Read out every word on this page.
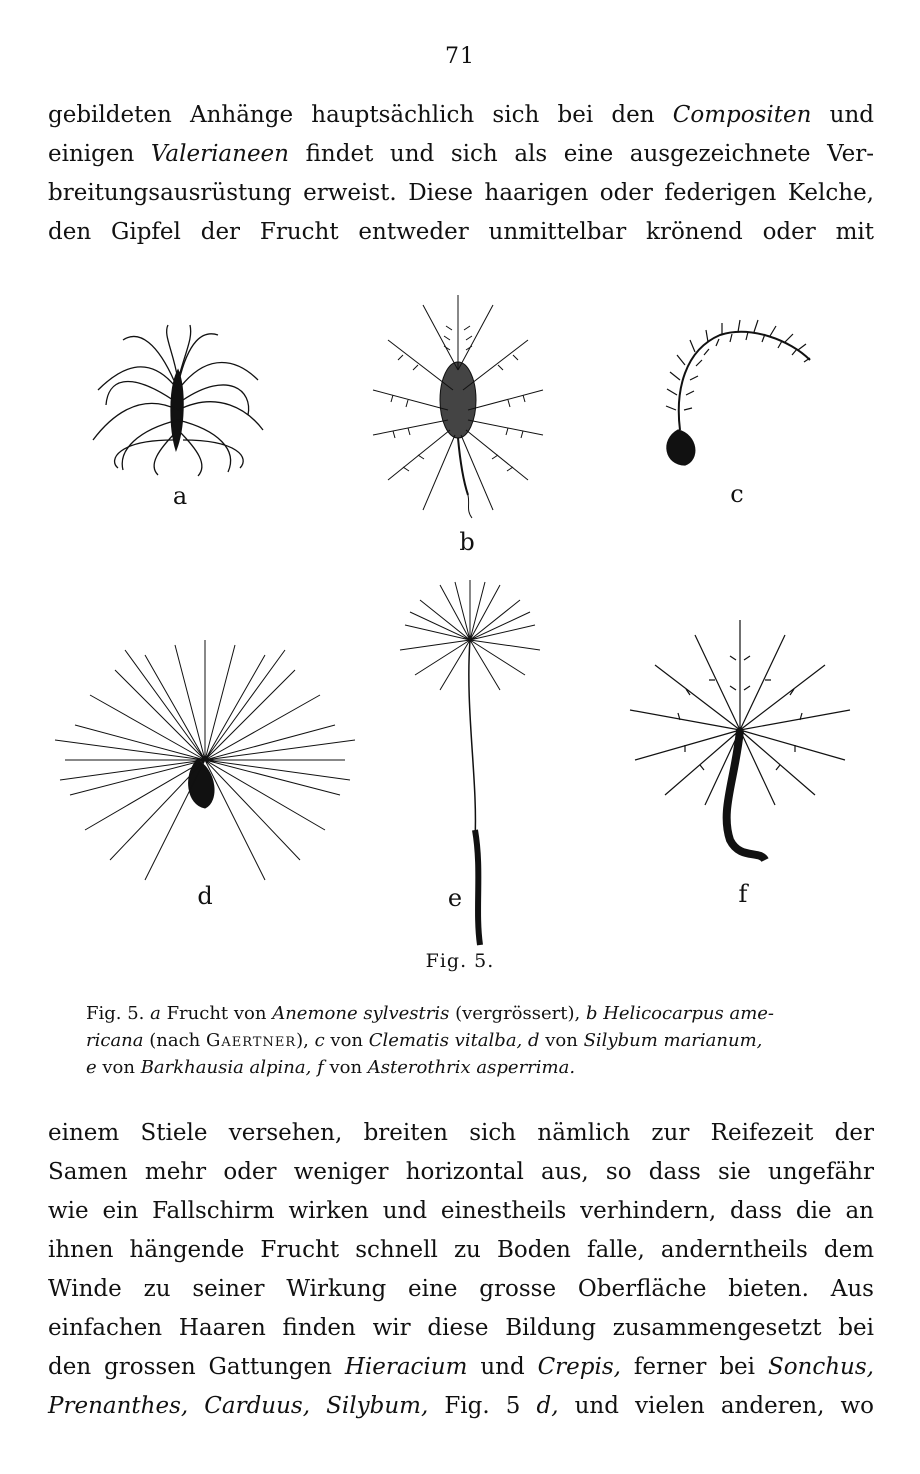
71
gebildeten Anhänge hauptsächlich sich bei den Compositen und
einigen Valerianeen findet und sich als eine ausgezeichnete Ver-
breitungsausrüstung erweist. Diese haarigen oder federigen Kelche,
den Gipfel der Frucht entweder unmittelbar krönend oder mit
a
b
c
d	e	f
Fig. 5.
Fig. 5. a Frucht von Anemone sylvestris (vergrössert), b Helicocarpus ame-
ricana (nach Gaertner), c von Clematis vitalba, d von Silybum marianum,
e von Barkhausia alpina, f von Asterothrix asperrima.
einem Stiele versehen, breiten sich nämlich zur Reifezeit der
Samen mehr oder weniger horizontal aus, so dass sie ungefähr
wie ein Fallschirm wirken und einestheils verhindern, dass die an
ihnen hängende Frucht schnell zu Boden falle, anderntheils dem
Winde zu seiner Wirkung eine grosse Oberfläche bieten. Aus
einfachen Haaren finden wir diese Bildung zusammengesetzt bei
den grossen Gattungen Hieracium und Crepis, ferner bei Sonchus,
Prenanthes, Carduus, Silybum, Fig. 5 d, und vielen anderen, wo
